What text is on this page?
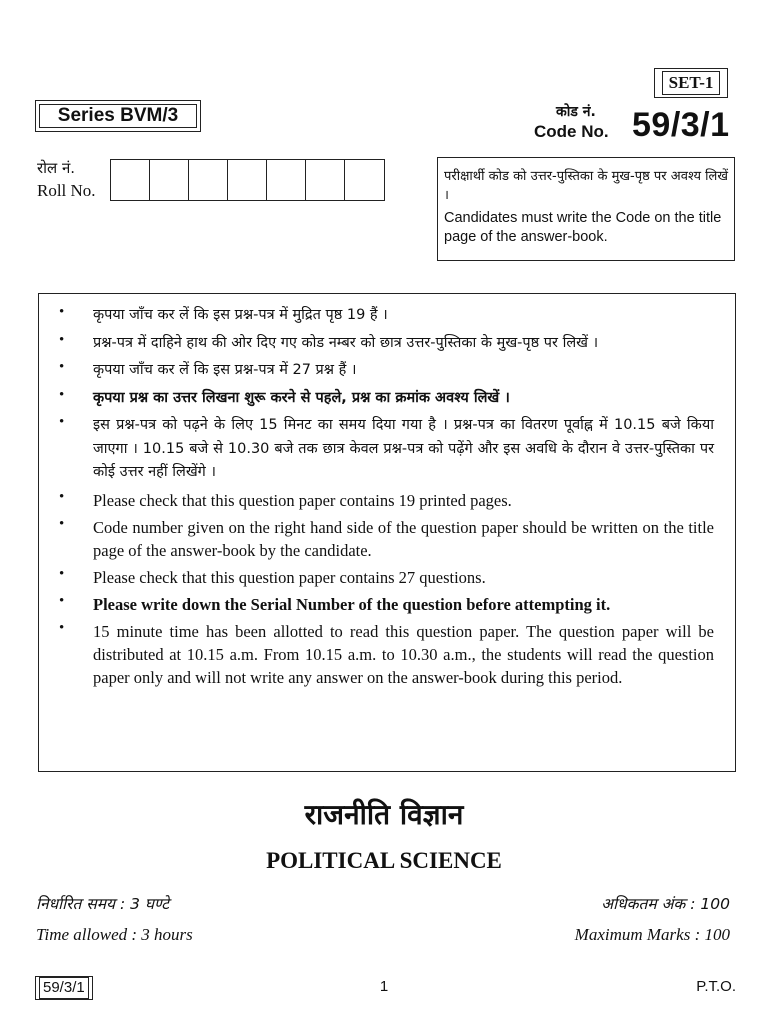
SET-1
Series BVM/3	कोड नं.
Code No. 59/3/1
रोल नं.
Roll No.

परीक्षार्थी कोड को उत्तर-पुस्तिका के मुख-पृष्ठ पर अवश्य लिखें ।

Candidates must write the Code on the title page of the answer-book.

• कृपया जाँच कर लें कि इस प्रश्न-पत्र में मुद्रित पृष्ठ 19 हैं ।
• प्रश्न-पत्र में दाहिने हाथ की ओर दिए गए कोड नम्बर को छात्र उत्तर-पुस्तिका के मुख-पृष्ठ पर लिखें ।
• कृपया जाँच कर लें कि इस प्रश्न-पत्र में 27 प्रश्न हैं ।
• कृपया प्रश्न का उत्तर लिखना शुरू करने से पहले, प्रश्न का क्रमांक अवश्य लिखें ।
• इस प्रश्न-पत्र को पढ़ने के लिए 15 मिनट का समय दिया गया है । प्रश्न-पत्र का वितरण पूर्वाह्न में 10.15 बजे किया जाएगा । 10.15 बजे से 10.30 बजे तक छात्र केवल प्रश्न-पत्र को पढ़ेंगे और इस अवधि के दौरान वे उत्तर-पुस्तिका पर कोई उत्तर नहीं लिखेंगे ।
• Please check that this question paper contains 19 printed pages.
• Code number given on the right hand side of the question paper should be written on the title page of the answer-book by the candidate.
• Please check that this question paper contains 27 questions.
• Please write down the Serial Number of the question before attempting it.
• 15 minute time has been allotted to read this question paper. The question paper will be distributed at 10.15 a.m. From 10.15 a.m. to 10.30 a.m., the students will read the question paper only and will not write any answer on the answer-book during this period.
राजनीति विज्ञान
POLITICAL SCIENCE
निर्धारित समय : 3 घण्टे	अधिकतम अंक : 100
Time allowed : 3 hours	Maximum Marks : 100
59/3/1	1	P.T.O.
